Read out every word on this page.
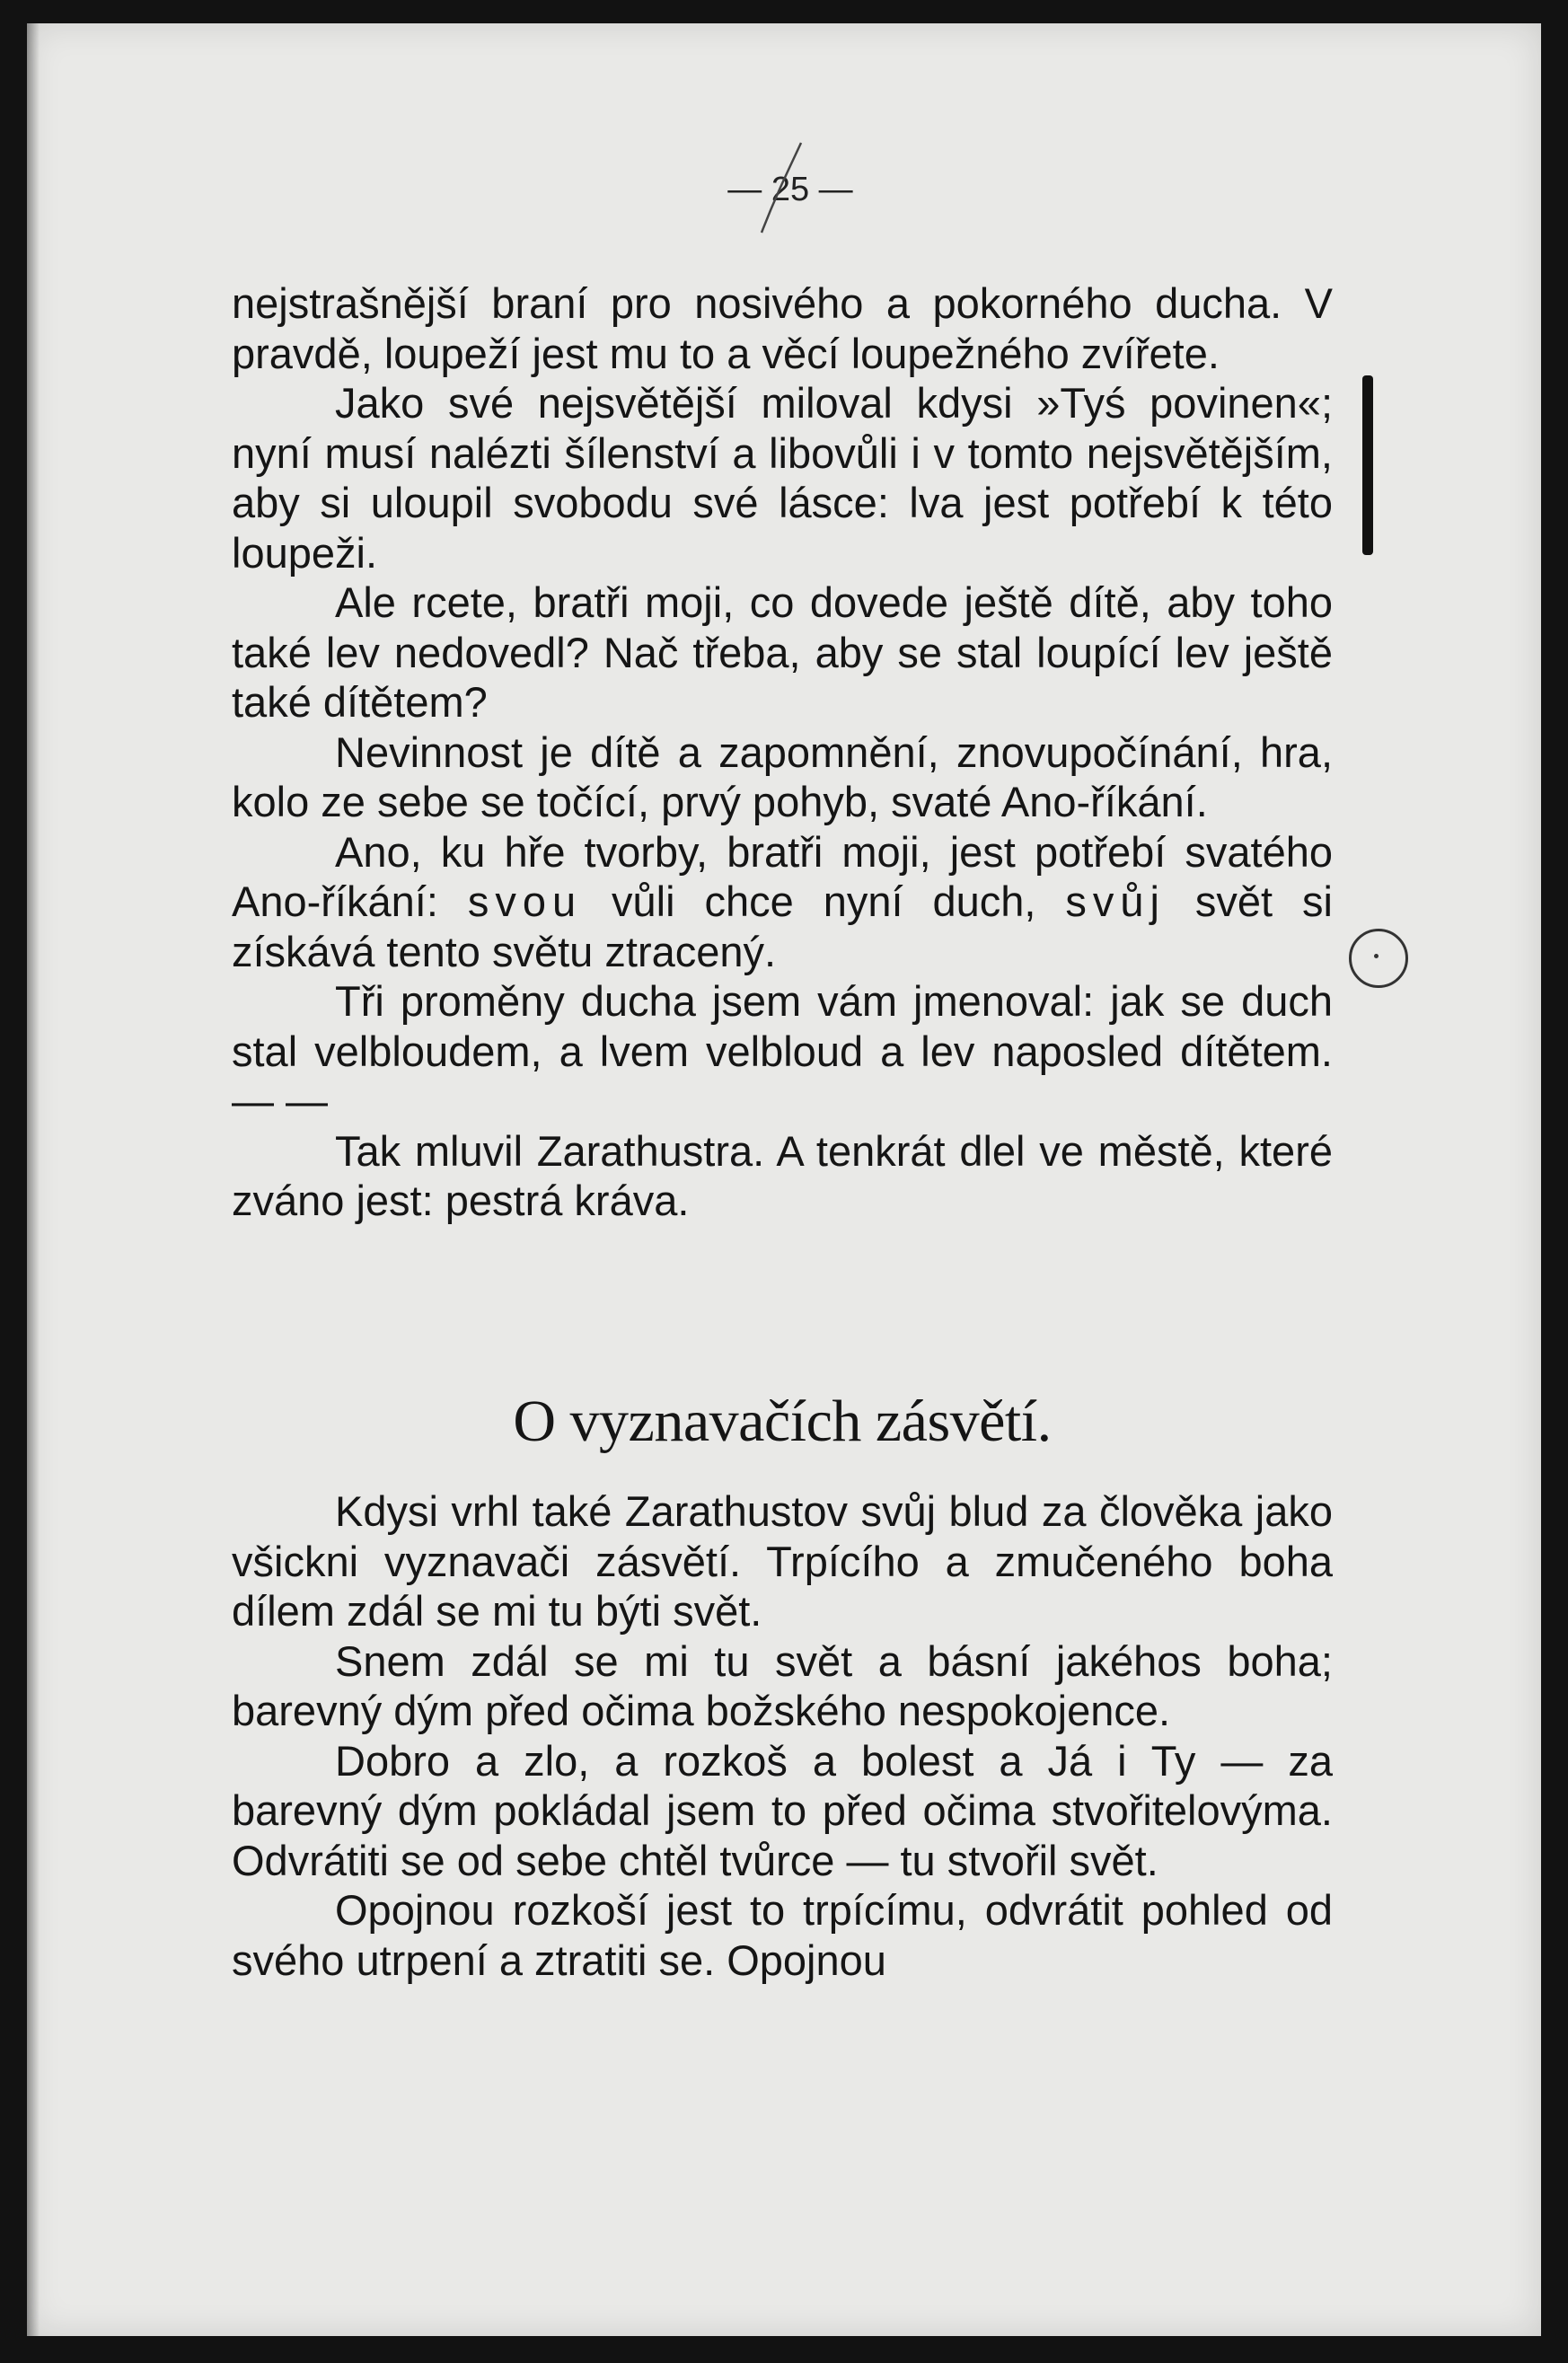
— 25 —

nejstrašnější braní pro nosivého a pokorného ducha. V pravdě, loupeží jest mu to a věcí loupežného zvířete.

Jako své nejsvětější miloval kdysi »Tyś povinen«; nyní musí nalézti šílenství a libovůli i v tomto nejsvětějším, aby si uloupil svobodu své lásce: lva jest potřebí k této loupeži.

Ale rcete, bratři moji, co dovede ještě dítě, aby toho také lev nedovedl? Nač třeba, aby se stal loupící lev ještě také dítětem?

Nevinnost je dítě a zapomnění, znovupočínání, hra, kolo ze sebe se točící, prvý pohyb, svaté Ano-říkání.

Ano, ku hře tvorby, bratři moji, jest potřebí svatého Ano-říkání: svou vůli chce nyní duch, svůj svět si získává tento světu ztracený.

Tři proměny ducha jsem vám jmenoval: jak se duch stal velbloudem, a lvem velbloud a lev naposled dítětem. — —

Tak mluvil Zarathustra. A tenkrát dlel ve městě, které zváno jest: pestrá kráva.

O vyznavačích zásvětí.

Kdysi vrhl také Zarathustov svůj blud za člověka jako všickni vyznavači zásvětí. Trpícího a zmučeného boha dílem zdál se mi tu býti svět.

Snem zdál se mi tu svět a básní jakéhos boha; barevný dým před očima božského nespokojence.

Dobro a zlo, a rozkoš a bolest a Já i Ty — za barevný dým pokládal jsem to před očima stvořitelovýma. Odvrátiti se od sebe chtěl tvůrce — tu stvořil svět.

Opojnou rozkoší jest to trpícímu, odvrátit pohled od svého utrpení a ztratiti se. Opojnou
